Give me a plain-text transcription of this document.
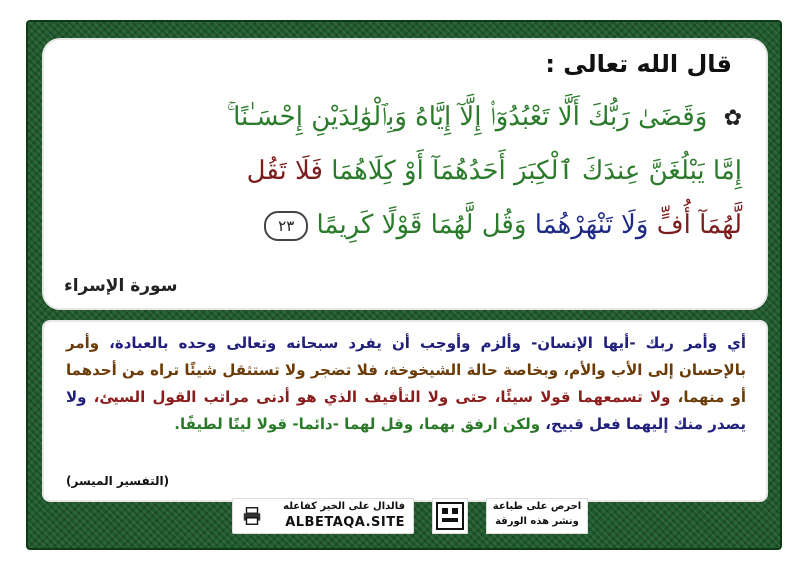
قال الله تعالى :
✿ وَقَضَىٰ رَبُّكَ أَلَّا تَعْبُدُوٓا۟ إِلَّآ إِيَّاهُ وَبِٱلْوَٰلِدَيْنِ إِحْسَـٰنًا ۚ
إِمَّا يَبْلُغَنَّ عِندَكَ ٱلْكِبَرَ أَحَدُهُمَآ أَوْ كِلَاهُمَا فَلَا تَقُل
لَّهُمَآ أُفٍّ وَلَا تَنْهَرْهُمَا وَقُل لَّهُمَا قَوْلًا كَرِيمًا ٢٣
سورة الإسراء
أي وأمر ربك -أيها الإنسان- وألزم وأوجب أن يفرد سبحانه وتعالى وحده بالعبادة، وأمر بالإحسان إلى الأب والأم، وبخاصة حالة الشيخوخة، فلا تضجر ولا تستثقل شيئًا تراه من أحدهما أو منهما، ولا تسمعهما قولا سيئًا، حتى ولا التأفيف الذي هو أدنى مراتب القول السيئ، ولا يصدر منك إليهما فعل قبيح، ولكن ارفق بهما، وقل لهما -دائما- قولا لينًا لطيفًا.
(التفسير الميسر)
فالدال على الخير كفاعله
ALBETAQA.SITE
احرص على طباعة
ونشر هذه الورقة
